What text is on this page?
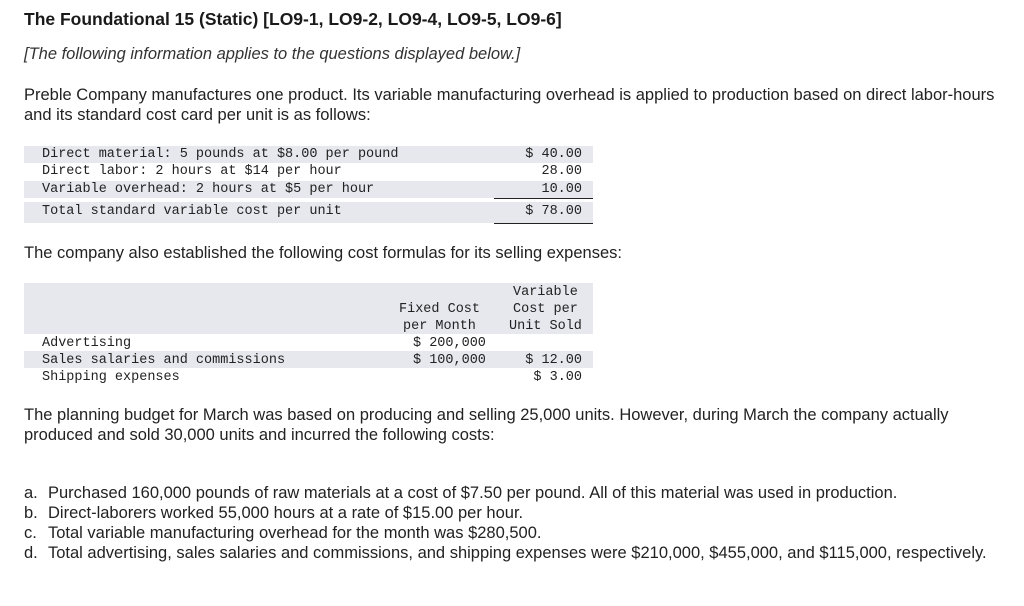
The Foundational 15 (Static) [LO9-1, LO9-2, LO9-4, LO9-5, LO9-6]
[The following information applies to the questions displayed below.]
Preble Company manufactures one product. Its variable manufacturing overhead is applied to production based on direct labor-hours and its standard cost card per unit is as follows:
Direct material: 5 pounds at $8.00 per pound
Direct labor: 2 hours at $14 per hour
Variable overhead: 2 hours at $5 per hour
Total standard variable cost per unit
$ 40.00
28.00
10.00
$ 78.00
The company also established the following cost formulas for its selling expenses:
Fixed Cost
per Month
Variable
Cost per
Unit Sold
Advertising
Sales salaries and commissions
Shipping expenses
$ 200,000
$ 100,000	$ 12.00
$ 3.00
The planning budget for March was based on producing and selling 25,000 units. However, during March the company actually produced and sold 30,000 units and incurred the following costs:
a. Purchased 160,000 pounds of raw materials at a cost of $7.50 per pound. All of this material was used in production.
b. Direct-laborers worked 55,000 hours at a rate of $15.00 per hour.
c. Total variable manufacturing overhead for the month was $280,500.
d. Total advertising, sales salaries and commissions, and shipping expenses were $210,000, $455,000, and $115,000, respectively.
